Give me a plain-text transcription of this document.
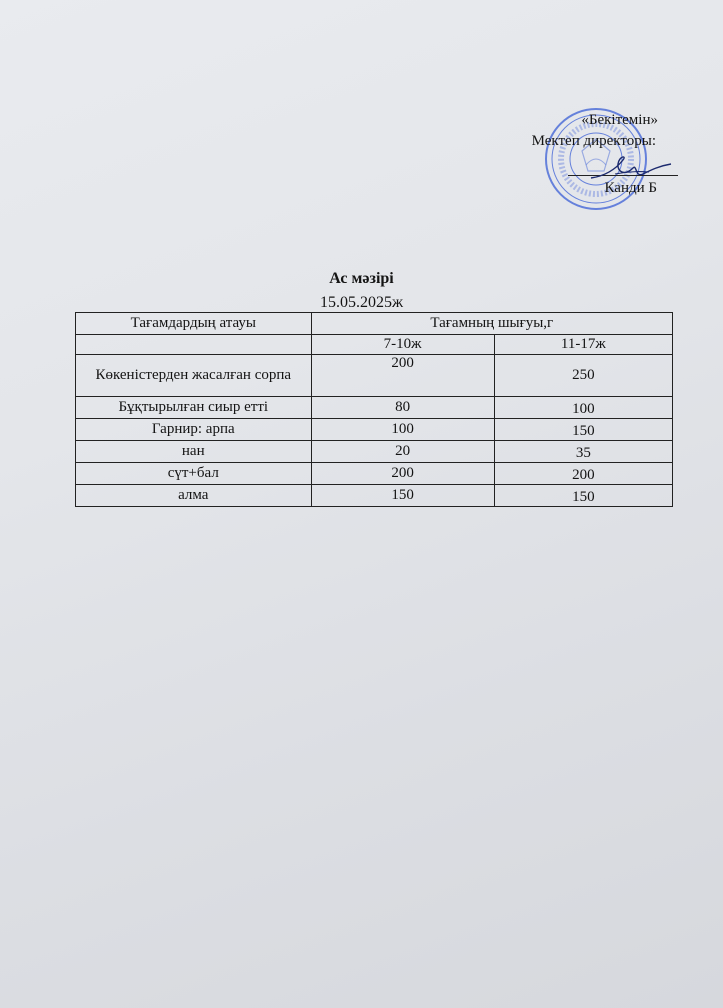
«Бекітемін»
Мектеп директоры:
Канди Б
Ас мәзірі
15.05.2025ж
Тағамдардың атауы	Тағамның шығуы,г	
	7-10ж	11-17ж
Көкеністерден жасалған сорпа	200	250
Бұқтырылған сиыр етті	80	100
Гарнир: арпа	100	150
нан	20	35
сүт+бал	200	200
алма	150	150
